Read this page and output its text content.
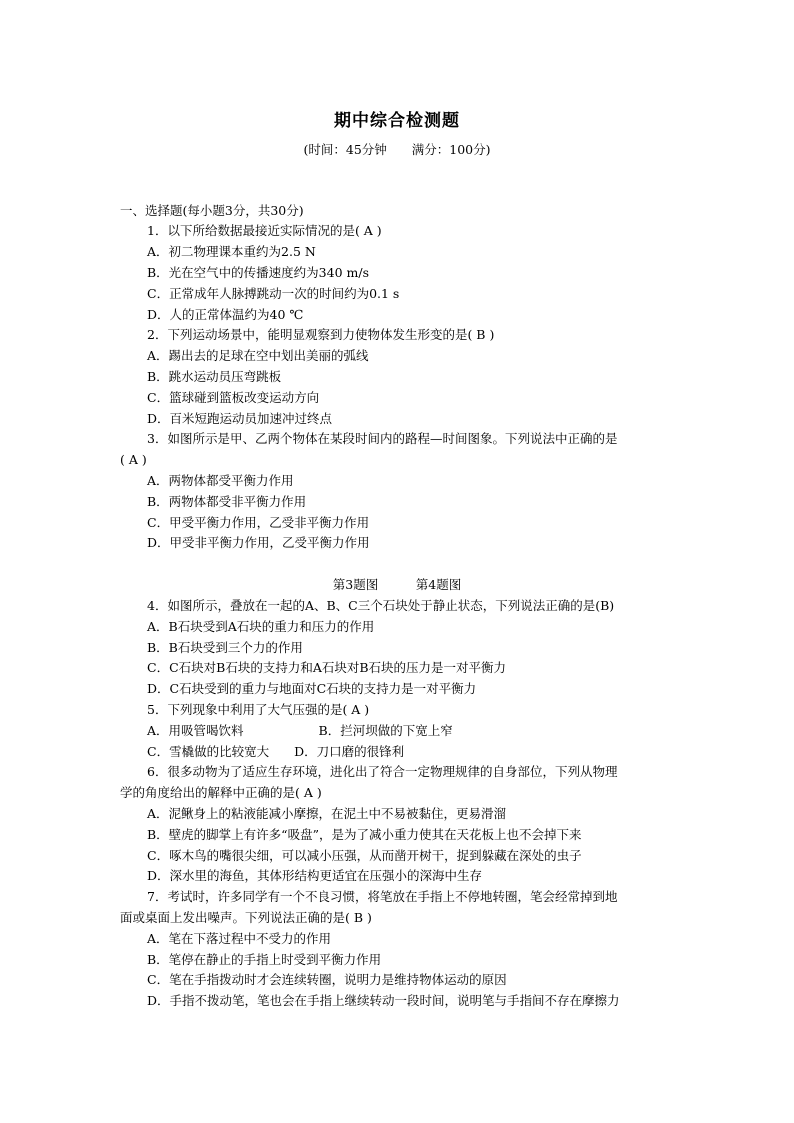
期中综合检测题
(时间：45分钟　　满分：100分)
一、选择题(每小题3分，共30分)
1．以下所给数据最接近实际情况的是( A )
A．初二物理课本重约为2.5 N
B．光在空气中的传播速度约为340 m/s
C．正常成年人脉搏跳动一次的时间约为0.1 s
D．人的正常体温约为40 ℃
2．下列运动场景中，能明显观察到力使物体发生形变的是( B )
A．踢出去的足球在空中划出美丽的弧线
B．跳水运动员压弯跳板
C．篮球碰到篮板改变运动方向
D．百米短跑运动员加速冲过终点
3．如图所示是甲、乙两个物体在某段时间内的路程—时间图象。下列说法中正确的是
( A )
A．两物体都受平衡力作用
B．两物体都受非平衡力作用
C．甲受平衡力作用，乙受非平衡力作用
D．甲受非平衡力作用，乙受平衡力作用
第3题图　　　第4题图
4．如图所示，叠放在一起的A、B、C三个石块处于静止状态，下列说法正确的是(B)
A．B石块受到A石块的重力和压力的作用
B．B石块受到三个力的作用
C．C石块对B石块的支持力和A石块对B石块的压力是一对平衡力
D．C石块受到的重力与地面对C石块的支持力是一对平衡力
5．下列现象中利用了大气压强的是( A )
A．用吸管喝饮料　　　　　　B．拦河坝做的下宽上窄
C．雪橇做的比较宽大　　D．刀口磨的很锋利
6．很多动物为了适应生存环境，进化出了符合一定物理规律的自身部位，下列从物理
学的角度给出的解释中正确的是( A )
A．泥鳅身上的粘液能减小摩擦，在泥土中不易被黏住，更易滑溜
B．壁虎的脚掌上有许多“吸盘”，是为了减小重力使其在天花板上也不会掉下来
C．啄木鸟的嘴很尖细，可以减小压强，从而凿开树干，捉到躲藏在深处的虫子
D．深水里的海鱼，其体形结构更适宜在压强小的深海中生存
7．考试时，许多同学有一个不良习惯，将笔放在手指上不停地转圈，笔会经常掉到地
面或桌面上发出噪声。下列说法正确的是( B )
A．笔在下落过程中不受力的作用
B．笔停在静止的手指上时受到平衡力作用
C．笔在手指拨动时才会连续转圈，说明力是维持物体运动的原因
D．手指不拨动笔，笔也会在手指上继续转动一段时间，说明笔与手指间不存在摩擦力
